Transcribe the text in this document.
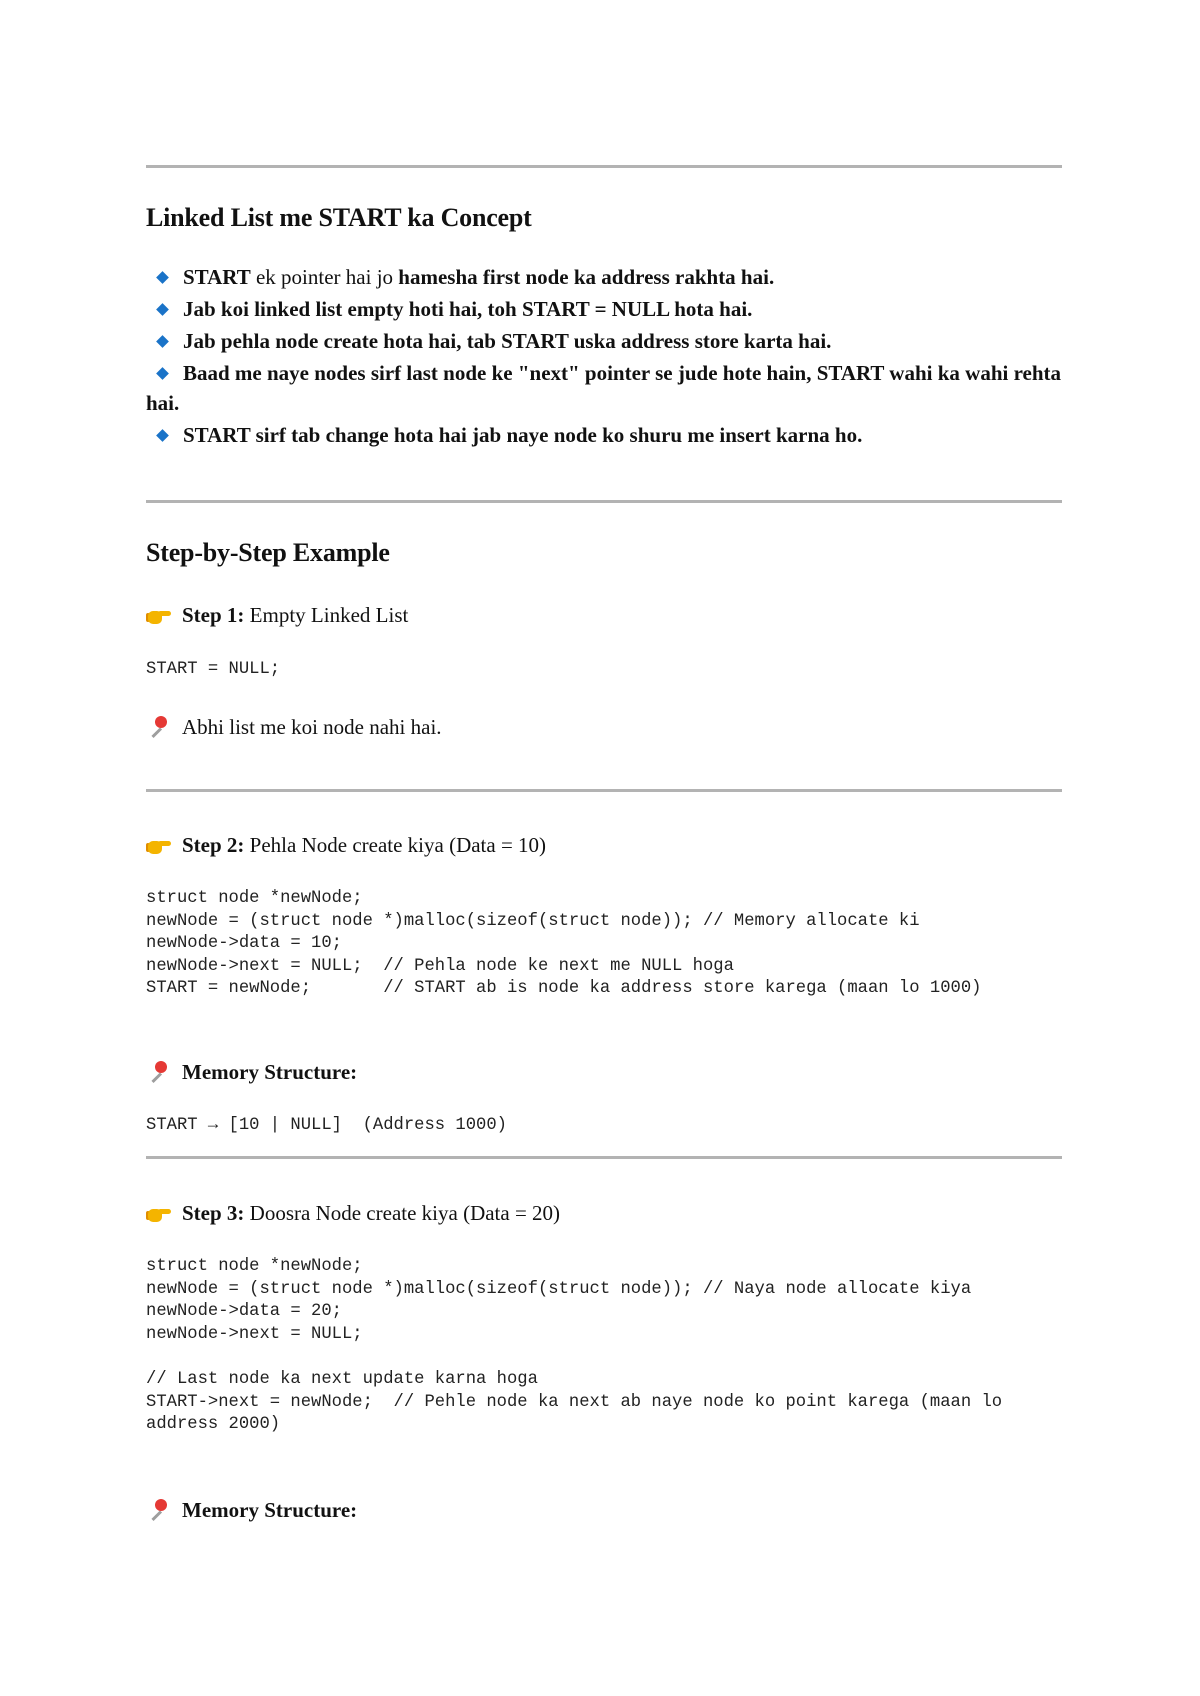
Linked List me START ka Concept
START ek pointer hai jo hamesha first node ka address rakhta hai.
Jab koi linked list empty hoti hai, toh START = NULL hota hai.
Jab pehla node create hota hai, tab START uska address store karta hai.
Baad me naye nodes sirf last node ke "next" pointer se jude hote hain, START wahi ka wahi rehta hai.
START sirf tab change hota hai jab naye node ko shuru me insert karna ho.
Step-by-Step Example

Step 1: Empty Linked List

START = NULL;

Abhi list me koi node nahi hai.

Step 2: Pehla Node create kiya (Data = 10)

struct node *newNode;
newNode = (struct node *)malloc(sizeof(struct node)); // Memory allocate ki
newNode->data = 10;
newNode->next = NULL;  // Pehla node ke next me NULL hoga
START = newNode;       // START ab is node ka address store karega (maan lo 1000)

Memory Structure:

START → [10 | NULL]  (Address 1000)

Step 3: Doosra Node create kiya (Data = 20)

struct node *newNode;
newNode = (struct node *)malloc(sizeof(struct node)); // Naya node allocate kiya
newNode->data = 20;
newNode->next = NULL;

// Last node ka next update karna hoga
START->next = newNode;  // Pehle node ka next ab naye node ko point karega (maan lo address 2000)

Memory Structure:
